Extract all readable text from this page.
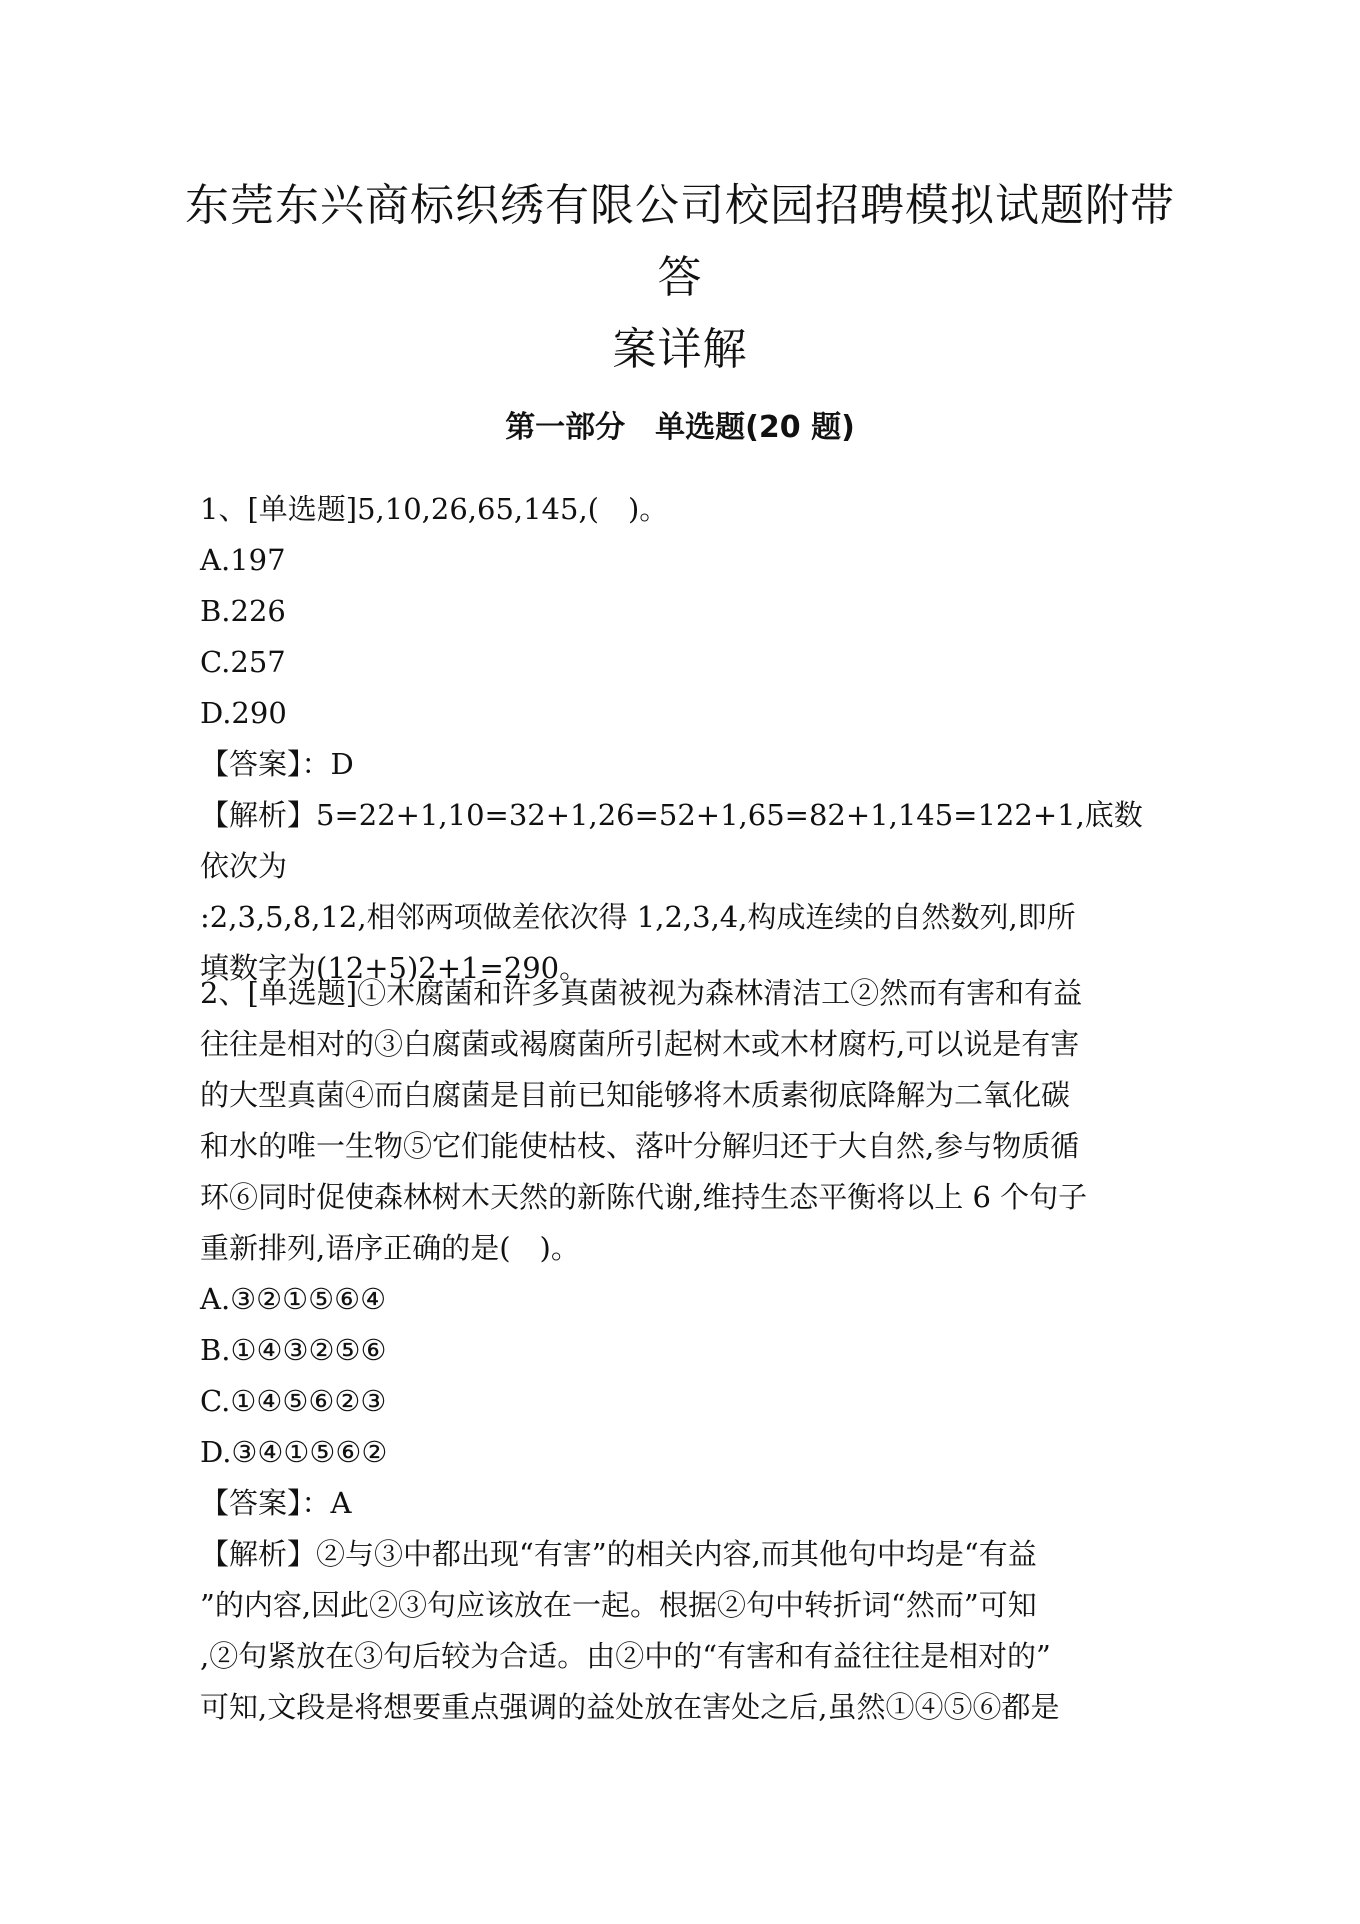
东莞东兴商标织绣有限公司校园招聘模拟试题附带答
案详解
第一部分　单选题(20 题)
1、[单选题]5,10,26,65,145,(　)。
A.197
B.226
C.257
D.290
【答案】：D
【解析】5=22+1,10=32+1,26=52+1,65=82+1,145=122+1,底数依次为
:2,3,5,8,12,相邻两项做差依次得 1,2,3,4,构成连续的自然数列,即所
填数字为(12+5)2+1=290。
2、[单选题]①木腐菌和许多真菌被视为森林清洁工②然而有害和有益
往往是相对的③白腐菌或褐腐菌所引起树木或木材腐朽,可以说是有害
的大型真菌④而白腐菌是目前已知能够将木质素彻底降解为二氧化碳
和水的唯一生物⑤它们能使枯枝、落叶分解归还于大自然,参与物质循
环⑥同时促使森林树木天然的新陈代谢,维持生态平衡将以上 6 个句子
重新排列,语序正确的是(　)。
A.③②①⑤⑥④
B.①④③②⑤⑥
C.①④⑤⑥②③
D.③④①⑤⑥②
【答案】：A
【解析】②与③中都出现“有害”的相关内容,而其他句中均是“有益
”的内容,因此②③句应该放在一起。根据②句中转折词“然而”可知
,②句紧放在③句后较为合适。由②中的“有害和有益往往是相对的”
可知,文段是将想要重点强调的益处放在害处之后,虽然①④⑤⑥都是
